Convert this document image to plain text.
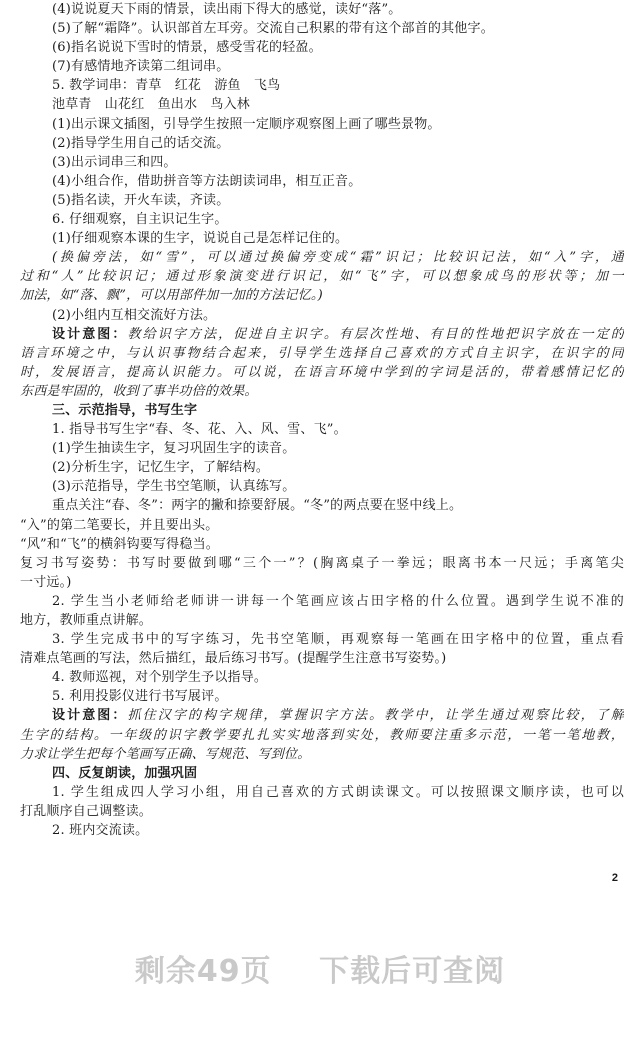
(4)说说夏天下雨的情景，读出雨下得大的感觉，读好“落”。
(5)了解“霜降”。认识部首左耳旁。交流自己积累的带有这个部首的其他字。
(6)指名说说下雪时的情景，感受雪花的轻盈。
(7)有感情地齐读第二组词串。
5. 教学词串：青草　红花　游鱼　飞鸟
池草青　山花红　鱼出水　鸟入林
(1)出示课文插图，引导学生按照一定顺序观察图上画了哪些景物。
(2)指导学生用自己的话交流。
(3)出示词串三和四。
(4)小组合作，借助拼音等方法朗读词串，相互正音。
(5)指名读，开火车读，齐读。
6. 仔细观察，自主识记生字。
(1)仔细观察本课的生字，说说自己是怎样记住的。
(换偏旁法，如“雪”，可以通过换偏旁变成“霜”识记；比较识记法，如“入”字，通
过和“人”比较识记；通过形象演变进行识记，如“飞”字，可以想象成鸟的形状等；加一
加法，如“落、飘”，可以用部件加一加的方法记忆。)
(2)小组内互相交流好方法。
设计意图：教给识字方法，促进自主识字。有层次性地、有目的性地把识字放在一定的
语言环境之中，与认识事物结合起来，引导学生选择自己喜欢的方式自主识字，在识字的同
时，发展语言，提高认识能力。可以说，在语言环境中学到的字词是活的，带着感情记忆的
东西是牢固的，收到了事半功倍的效果。
三、示范指导，书写生字
1. 指导书写生字“春、冬、花、入、风、雪、飞”。
(1)学生抽读生字，复习巩固生字的读音。
(2)分析生字，记忆生字，了解结构。
(3)示范指导，学生书空笔顺，认真练写。
重点关注“春、冬”：两字的撇和捺要舒展。“冬”的两点要在竖中线上。
“入”的第二笔要长，并且要出头。
“风”和“飞”的横斜钩要写得稳当。
复习书写姿势：书写时要做到哪“三个一”？(胸离桌子一拳远；眼离书本一尺远；手离笔尖
一寸远。)
2. 学生当小老师给老师讲一讲每一个笔画应该占田字格的什么位置。遇到学生说不准的
地方，教师重点讲解。
3. 学生完成书中的写字练习，先书空笔顺，再观察每一笔画在田字格中的位置，重点看
清难点笔画的写法，然后描红，最后练习书写。(提醒学生注意书写姿势。)
4. 教师巡视，对个别学生予以指导。
5. 利用投影仪进行书写展评。
设计意图：抓住汉字的构字规律，掌握识字方法。教学中，让学生通过观察比较，了解
生字的结构。一年级的识字教学要扎扎实实地落到实处，教师要注重多示范，一笔一笔地教，
力求让学生把每个笔画写正确、写规范、写到位。
四、反复朗读，加强巩固
1. 学生组成四人学习小组，用自己喜欢的方式朗读课文。可以按照课文顺序读，也可以
打乱顺序自己调整读。
2. 班内交流读。
2
剩余49页 下载后可查阅
